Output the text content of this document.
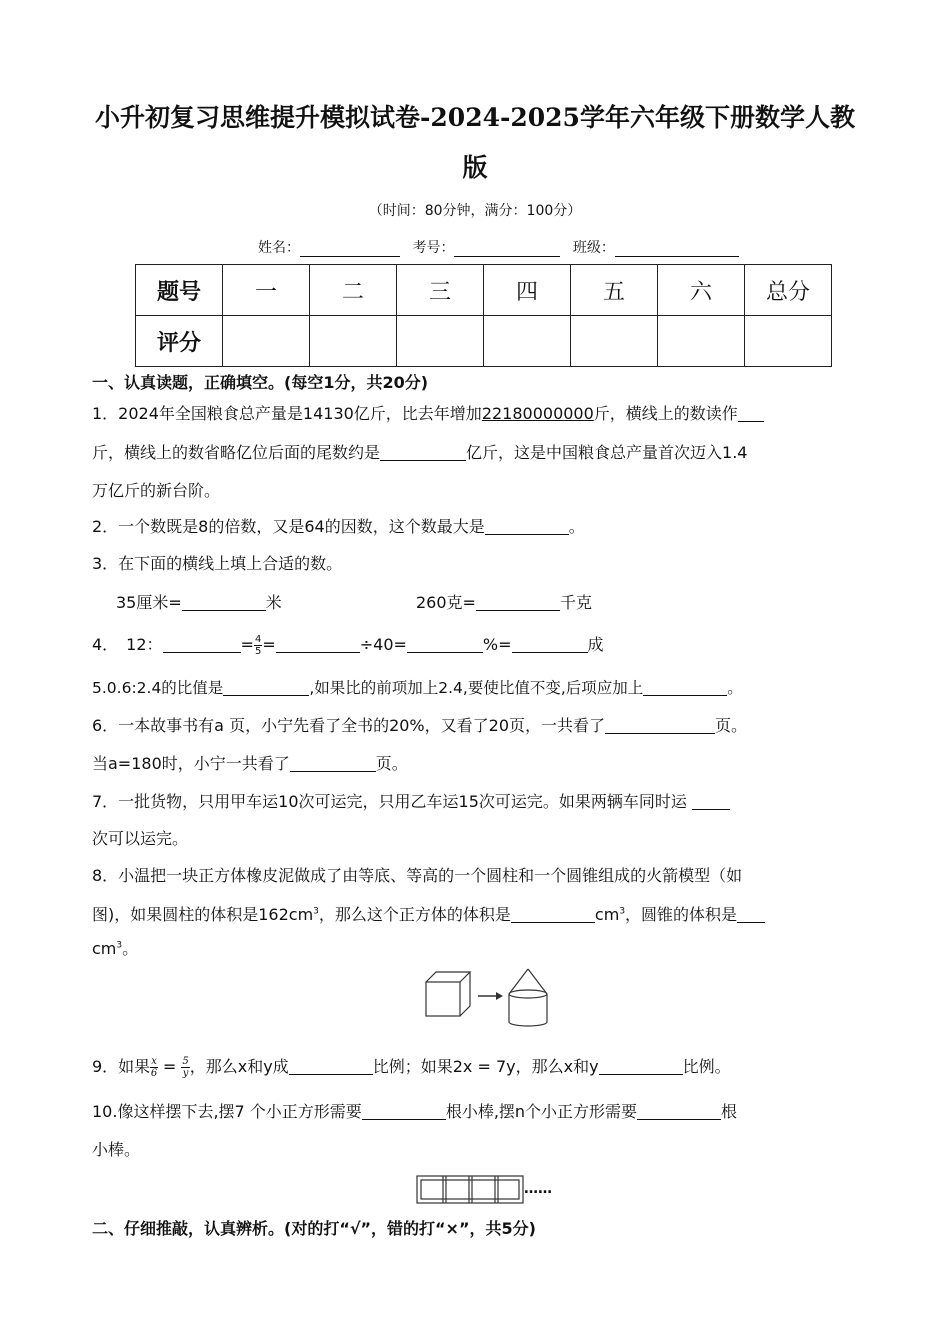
小升初复习思维提升模拟试卷-2024-2025学年六年级下册数学人教
版
（时间：80分钟，满分：100分）
姓名：	考号：	班级：
题号	一	二	三	四	五	六	总分
评分							
一、认真读题，正确填空。(每空1分，共20分)
1．2024年全国粮食总产量是14130亿斤，比去年增加22180000000斤，横线上的数读作
斤，横线上的数省略亿位后面的尾数约是	亿斤，这是中国粮食总产量首次迈入1.4
万亿斤的新台阶。
2．一个数既是8的倍数，又是64的因数，这个数最大是	。
3．在下面的横线上填上合适的数。
35厘米=	米	260克=	千克
4．　12：	= $\frac{4}{5}$ =	÷40=	%=	成
5.0.6:2.4的比值是	,如果比的前项加上2.4,要使比值不变,后项应加上	。
6．一本故事书有a 页，小宁先看了全书的20%，又看了20页，一共看了	页。
当a=180时，小宁一共看了	页。
7．一批货物，只用甲车运10次可运完，只用乙车运15次可运完。如果两辆车同时运
次可以运完。
8．小温把一块正方体橡皮泥做成了由等底、等高的一个圆柱和一个圆锥组成的火箭模型（如
图)，如果圆柱的体积是$162cm^3$，那么这个正方体的体积是	$cm^3$，圆锥的体积是
$cm^3$。
9．如果 $\frac{x}{6} = \frac{5}{y}$ ，那么x和y成	比例；如果2x = 7y，那么x和y	比例。
10.像这样摆下去,摆7 个小正方形需要	根小棒,摆n个小正方形需要	根
小棒。
……
二、仔细推敲，认真辨析。(对的打“√”，错的打“×”，共5分)
